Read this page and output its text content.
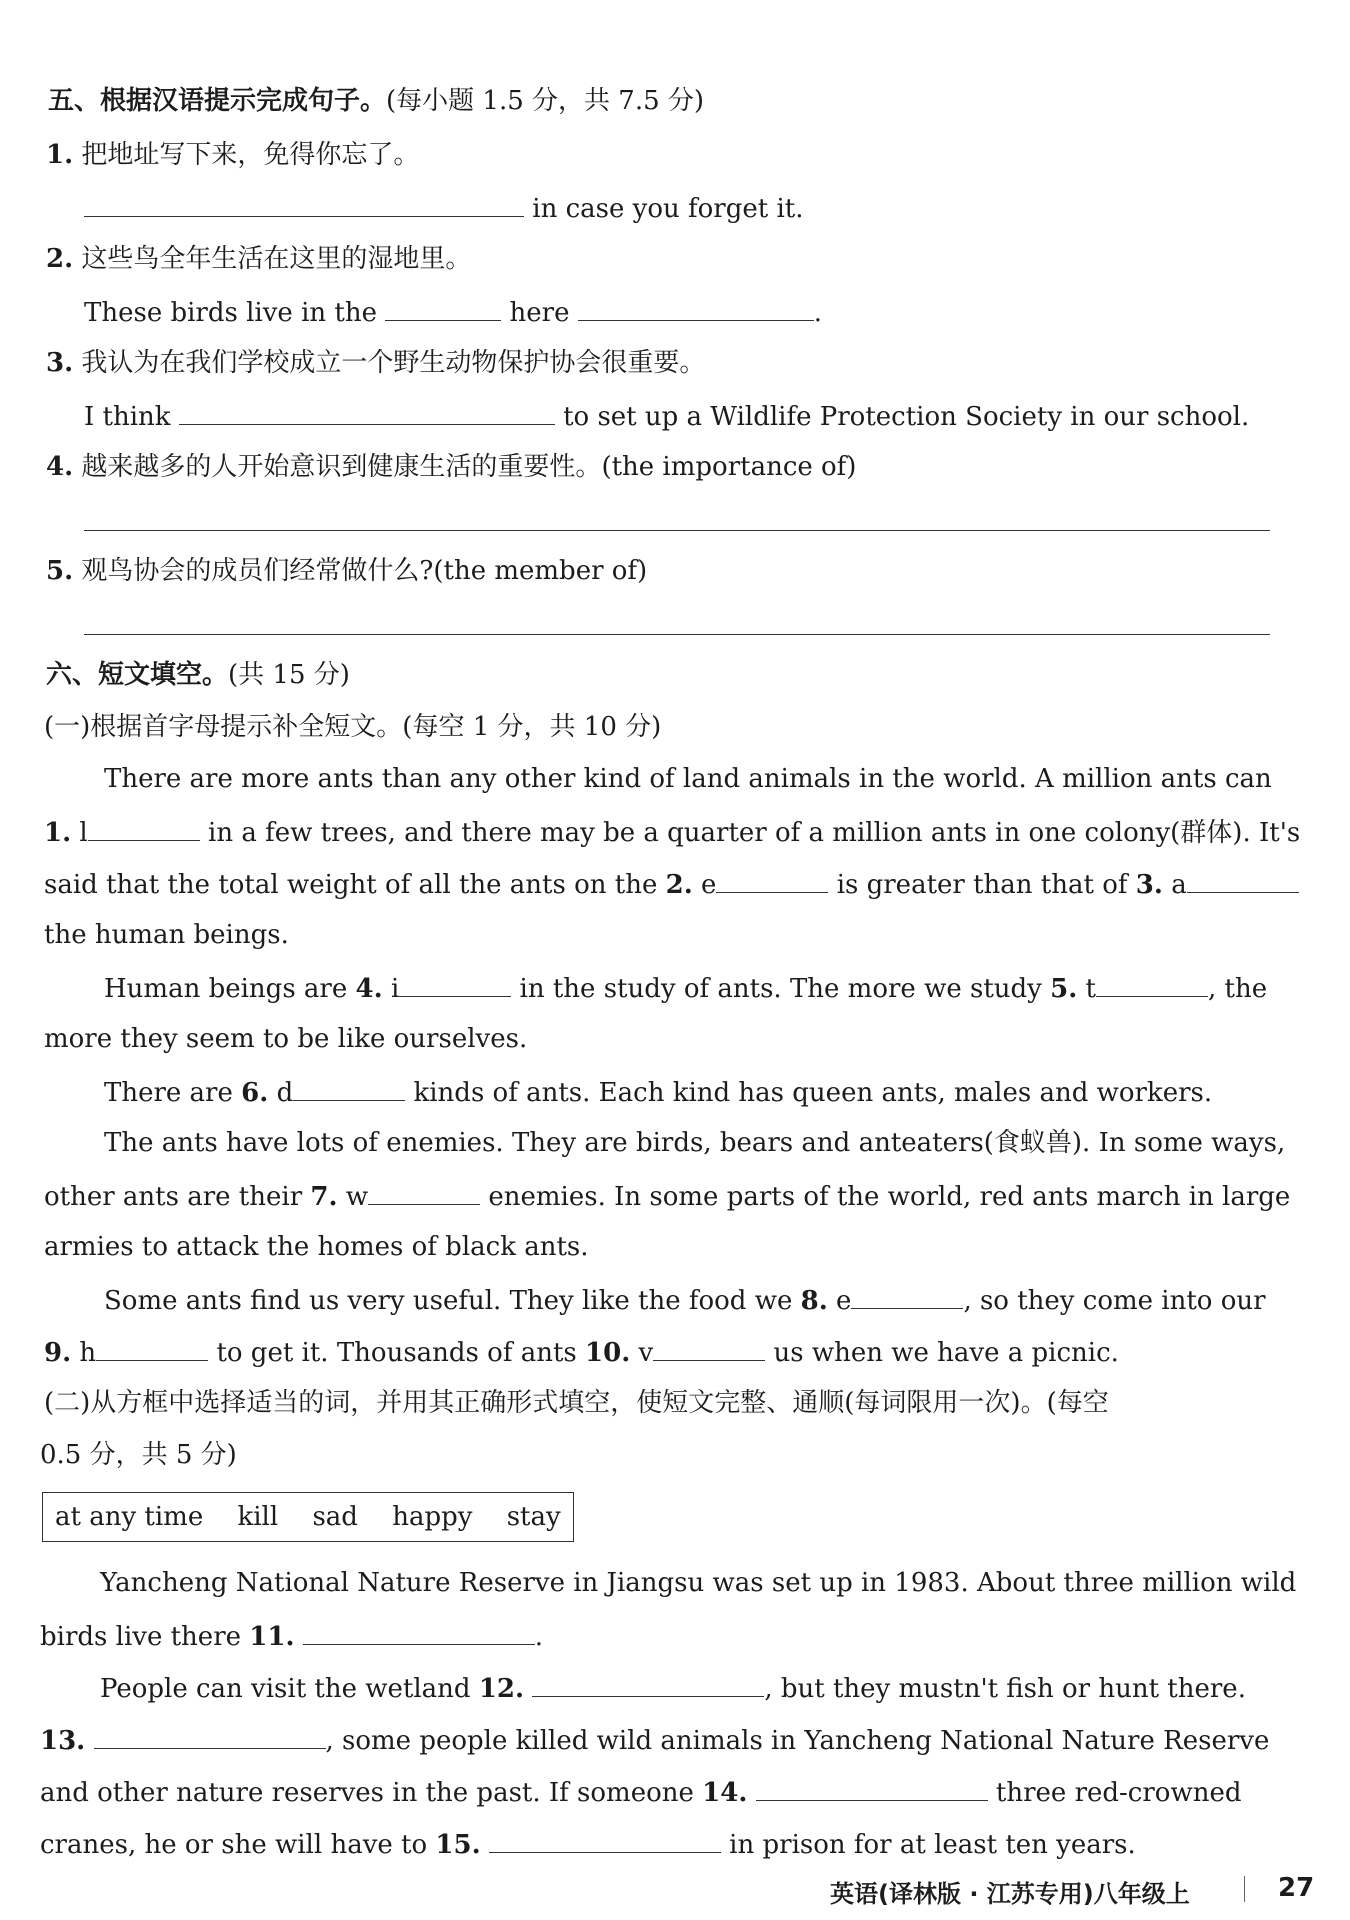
五、根据汉语提示完成句子。(每小题 1.5 分，共 7.5 分)
1. 把地址写下来，免得你忘了。
in case you forget it.
2. 这些鸟全年生活在这里的湿地里。
These birds live in the	here	.
3. 我认为在我们学校成立一个野生动物保护协会很重要。
I think	to set up a Wildlife Protection Society in our school.
4. 越来越多的人开始意识到健康生活的重要性。(the importance of)
5. 观鸟协会的成员们经常做什么?(the member of)
六、短文填空。(共 15 分)
(一)根据首字母提示补全短文。(每空 1 分，共 10 分)
There are more ants than any other kind of land animals in the world. A million ants can
1. l	in a few trees, and there may be a quarter of a million ants in one colony(群体). It's
said that the total weight of all the ants on the 2. e	is greater than that of 3. a
the human beings.
Human beings are 4. i	in the study of ants. The more we study 5. t	, the
more they seem to be like ourselves.
There are 6. d	kinds of ants. Each kind has queen ants, males and workers.
The ants have lots of enemies. They are birds, bears and anteaters(食蚁兽). In some ways,
other ants are their 7. w	enemies. In some parts of the world, red ants march in large
armies to attack the homes of black ants.
Some ants find us very useful. They like the food we 8. e	, so they come into our
9. h	to get it. Thousands of ants 10. v	us when we have a picnic.
(二)从方框中选择适当的词，并用其正确形式填空，使短文完整、通顺(每词限用一次)。(每空
0.5 分，共 5 分)
at any time kill sad happy stay
Yancheng National Nature Reserve in Jiangsu was set up in 1983. About three million wild
birds live there 11.	.
People can visit the wetland 12.	, but they mustn't fish or hunt there.
13.	, some people killed wild animals in Yancheng National Nature Reserve
and other nature reserves in the past. If someone 14.	three red-crowned
cranes, he or she will have to 15.	in prison for at least ten years.
英语(译林版 · 江苏专用)八年级上	27
